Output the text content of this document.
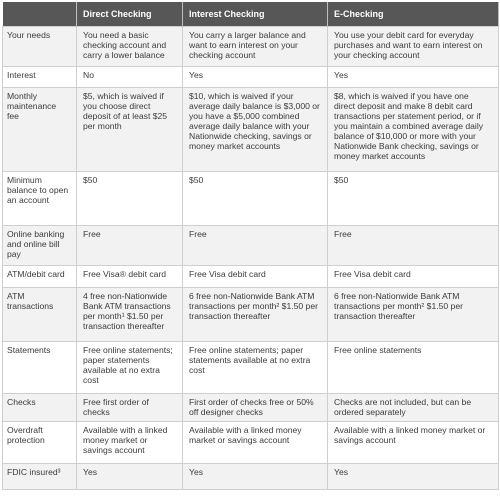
	Direct Checking	Interest Checking	E-Checking
Your needs	You need a basic checking account and carry a lower balance	You carry a larger balance and want to earn interest on your checking account	You use your debit card for everyday purchases and want to earn interest on your checking account
Interest	No	Yes	Yes
Monthly maintenance fee	$5, which is waived if you choose direct deposit of at least $25 per month	$10, which is waived if your average daily balance is $3,000 or you have a $5,000 combined average daily balance with your Nationwide checking, savings or money market accounts	$8, which is waived if you have one direct deposit and make 8 debit card transactions per statement period, or if you maintain a combined average daily balance of $10,000 or more with your Nationwide Bank checking, savings or money market accounts
Minimum balance to open an account	$50	$50	$50
Online banking and online bill pay	Free	Free	Free
ATM/debit card	Free Visa® debit card	Free Visa debit card	Free Visa debit card
ATM transactions	4 free non-Nationwide Bank ATM transactions per month¹ $1.50 per transaction thereafter	6 free non-Nationwide Bank ATM transactions per month² $1.50 per transaction thereafter	6 free non-Nationwide Bank ATM transactions per month² $1.50 per transaction thereafter
Statements	Free online statements; paper statements available at no extra cost	Free online statements; paper statements available at no extra cost	Free online statements
Checks	Free first order of checks	First order of checks free or 50% off designer checks	Checks are not included, but can be ordered separately
Overdraft protection	Available with a linked money market or savings account	Available with a linked money market or savings account	Available with a linked money market or savings account
FDIC insured³	Yes	Yes	Yes
